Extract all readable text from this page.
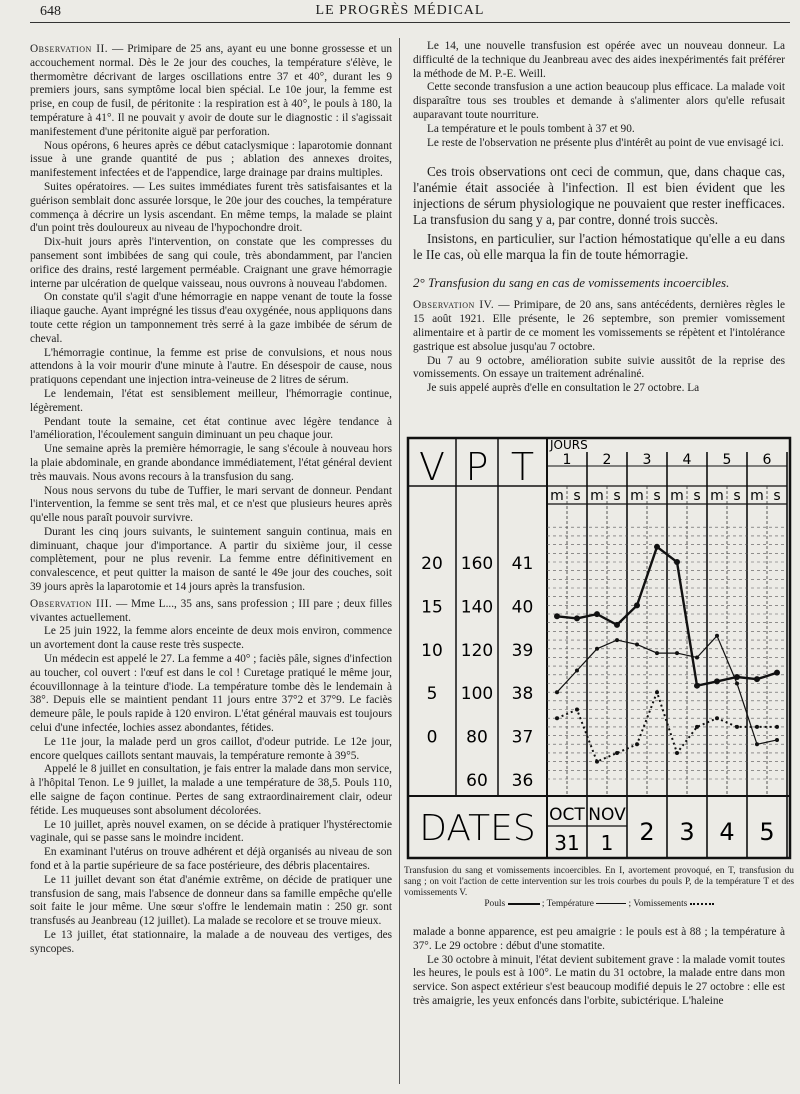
648	LE PROGRÈS MÉDICAL

Observation II. — Primipare de 25 ans, ayant eu une bonne grossesse et un accouchement normal. Dès le 2e jour des couches, la température s'élève, le thermomètre décrivant de larges oscillations entre 37 et 40°, durant les 9 premiers jours, sans symptôme local bien spécial. Le 10e jour, la femme est prise, en coup de fusil, de péritonite : la respiration est à 40°, le pouls à 180, la température à 41°. Il ne pouvait y avoir de doute sur le diagnostic : il s'agissait manifestement d'une péritonite aiguë par perforation.

Nous opérons, 6 heures après ce début cataclysmique : laparotomie donnant issue à une grande quantité de pus ; ablation des annexes droites, manifestement infectées et de l'appendice, large drainage par drains multiples.

Suites opératoires. — Les suites immédiates furent très satisfaisantes et la guérison semblait donc assurée lorsque, le 20e jour des couches, la température commença à décrire un lysis ascendant. En même temps, la malade se plaint d'un point très douloureux au niveau de l'hypochondre droit.

Dix-huit jours après l'intervention, on constate que les compresses du pansement sont imbibées de sang qui coule, très abondamment, par l'ancien orifice des drains, resté largement perméable. Craignant une grave hémorragie interne par ulcération de quelque vaisseau, nous ouvrons à nouveau l'abdomen.

On constate qu'il s'agit d'une hémorragie en nappe venant de toute la fosse iliaque gauche. Ayant imprégné les tissus d'eau oxygénée, nous appliquons dans toute cette région un tamponnement très serré à la gaze imbibée de sérum de cheval.

L'hémorragie continue, la femme est prise de convulsions, et nous nous attendons à la voir mourir d'une minute à l'autre. En désespoir de cause, nous pratiquons cependant une injection intra-veineuse de 2 litres de sérum.

Le lendemain, l'état est sensiblement meilleur, l'hémorragie continue, légèrement.

Pendant toute la semaine, cet état continue avec légère tendance à l'amélioration, l'écoulement sanguin diminuant un peu chaque jour.

Une semaine après la première hémorragie, le sang s'écoule à nouveau hors la plaie abdominale, en grande abondance immédiatement, l'état général devient très mauvais. Nous avons recours à la transfusion du sang.

Nous nous servons du tube de Tuffier, le mari servant de donneur. Pendant l'intervention, la femme se sent très mal, et ce n'est que plusieurs heures après qu'elle nous paraît pouvoir survivre.

Durant les cinq jours suivants, le suintement sanguin continua, mais en diminuant, chaque jour d'importance. A partir du sixième jour, il cesse complètement, pour ne plus revenir. La femme entre définitivement en convalescence, et peut quitter la maison de santé le 49e jour des couches, soit 39 jours après la laparotomie et 14 jours après la transfusion.

Observation III. — Mme L..., 35 ans, sans profession ; III pare ; deux filles vivantes actuellement.

Le 25 juin 1922, la femme alors enceinte de deux mois environ, commence un avortement dont la cause reste très suspecte.

Un médecin est appelé le 27. La femme a 40° ; faciès pâle, signes d'infection au toucher, col ouvert : l'œuf est dans le col ! Curetage pratiqué le même jour, écouvillonnage à la teinture d'iode. La température tombe dès le lendemain à 38°. Depuis elle se maintient pendant 11 jours entre 37°2 et 37°9. Le faciès demeure pâle, le pouls rapide à 120 environ. L'état général mauvais est toujours celui d'une infectée, lochies assez abondantes, fétides.

Le 11e jour, la malade perd un gros caillot, d'odeur putride. Le 12e jour, encore quelques caillots sentant mauvais, la température remonte à 39°5.

Appelé le 8 juillet en consultation, je fais entrer la malade dans mon service, à l'hôpital Tenon. Le 9 juillet, la malade a une température de 38,5. Pouls 110, elle saigne de façon continue. Pertes de sang extraordinairement clair, odeur fétide. Les muqueuses sont absolument décolorées.

Le 10 juillet, après nouvel examen, on se décide à pratiquer l'hystérectomie vaginale, qui se passe sans le moindre incident.

En examinant l'utérus on trouve adhérent et déjà organisés au niveau de son fond et à la partie supérieure de sa face postérieure, des débris placentaires.

Le 11 juillet devant son état d'anémie extrême, on décide de pratiquer une transfusion de sang, mais l'absence de donneur dans sa famille empêche qu'elle soit faite le jour même. Une sœur s'offre le lendemain matin : 250 gr. sont transfusés au Jeanbreau (12 juillet). La malade se recolore et se trouve mieux.

Le 13 juillet, état stationnaire, la malade a de nouveau des vertiges, des syncopes.

Le 14, une nouvelle transfusion est opérée avec un nouveau donneur. La difficulté de la technique du Jeanbreau avec des aides inexpérimentés fait préférer la méthode de M. P.-E. Weill.

Cette seconde transfusion a une action beaucoup plus efficace. La malade voit disparaître tous ses troubles et demande à s'alimenter alors qu'elle refusait auparavant toute nourriture.

La température et le pouls tombent à 37 et 90.

Le reste de l'observation ne présente plus d'intérêt au point de vue envisagé ici.

Ces trois observations ont ceci de commun, que, dans chaque cas, l'anémie était associée à l'infection. Il est bien évident que les injections de sérum physiologique ne pouvaient que rester inefficaces. La transfusion du sang y a, par contre, donné trois succès.

Insistons, en particulier, sur l'action hémostatique qu'elle a eu dans le IIe cas, où elle marqua la fin de toute hémorragie.

2° Transfusion du sang en cas de vomissements incoercibles.

Observation IV. — Primipare, de 20 ans, sans antécédents, dernières règles le 15 août 1921. Elle présente, le 26 septembre, son premier vomissement alimentaire et à partir de ce moment les vomissements se répètent et l'intolérance gastrique est absolue jusqu'au 7 octobre.

Du 7 au 9 octobre, amélioration subite suivie aussitôt de la reprise des vomissements. On essaye un traitement adrénaliné.

Je suis appelé auprès d'elle en consultation le 27 octobre. La

V P T JOURS
1
m s
2
m s
3
m s
4
m s
5
m s
6
m s
20 160 41
15 140 40
10 120 39
5 100 38
0 80 37
60 36
DATES OCT NOV
31 1 2 3 4 5

Transfusion du sang et vomissements incoercibles. En I, avortement provoqué, en T, transfusion du sang ; on voit l'action de cette intervention sur les trois courbes du pouls P, de la température T et des vomissements V.

Pouls	; Température	; Vomissements

malade a bonne apparence, est peu amaigrie : le pouls est à 88 ; la température à 37°. Le 29 octobre : début d'une stomatite.

Le 30 octobre à minuit, l'état devient subitement grave : la malade vomit toutes les heures, le pouls est à 100°. Le matin du 31 octobre, la malade entre dans mon service. Son aspect extérieur s'est beaucoup modifié depuis le 27 octobre : elle est très amaigrie, les yeux enfoncés dans l'orbite, subictérique. L'haleine
